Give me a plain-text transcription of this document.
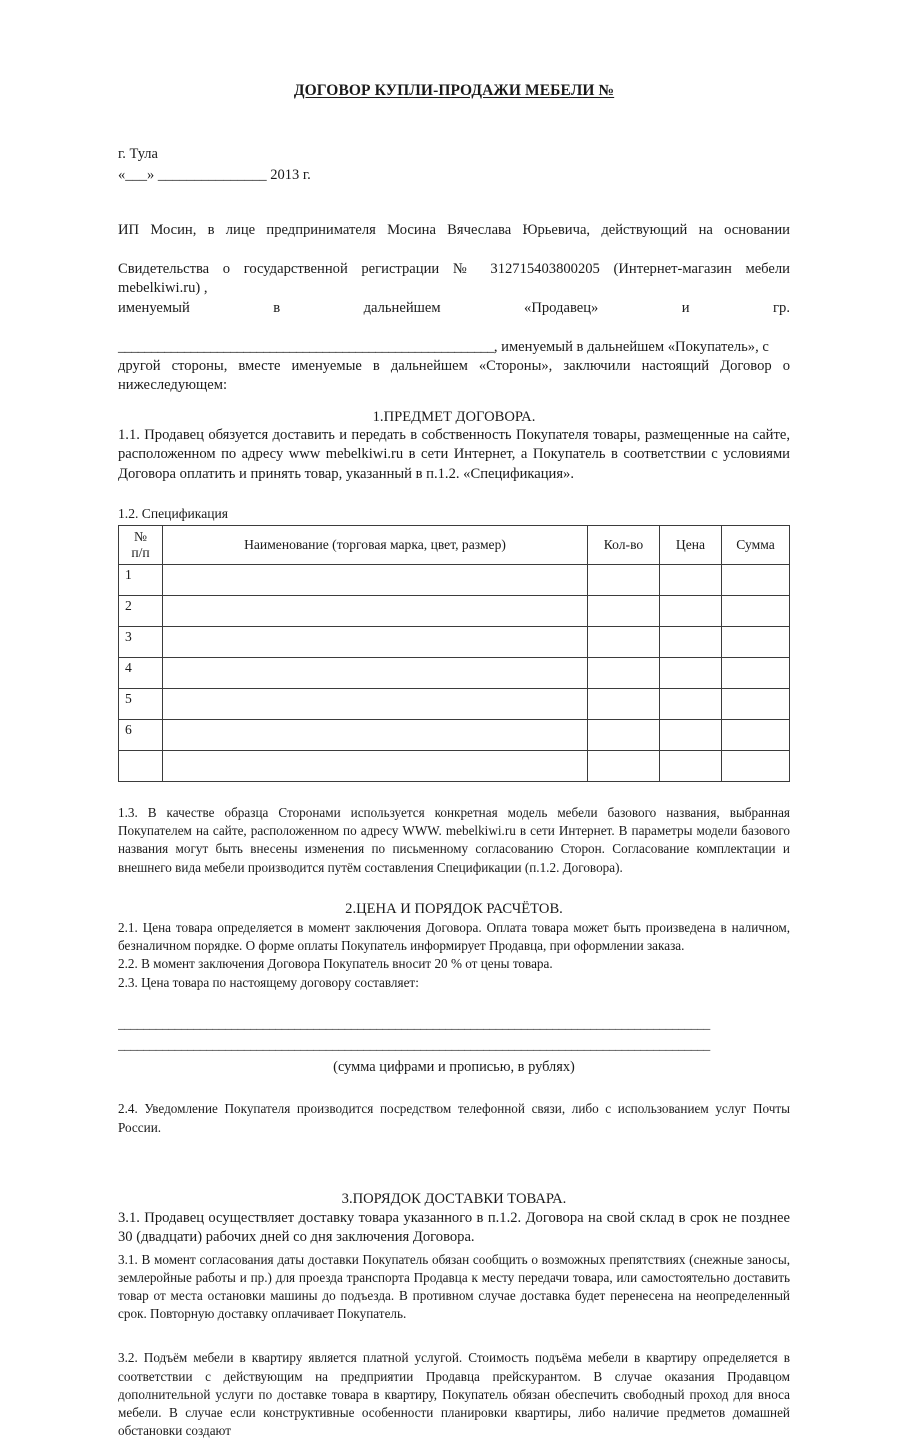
ДОГОВОР КУПЛИ-ПРОДАЖИ МЕБЕЛИ №
г. Тула
«___» _______________ 2013 г.

ИП Мосин, в лице предпринимателя Мосина Вячеслава Юрьевича, действующий на основании

Свидетельства о государственной регистрации № 312715403800205 (Интернет-магазин мебели mebelkiwi.ru) ,

именуемый в дальнейшем «Продавец» и гр.

_________________________________________________________, именуемый в дальнейшем «Покупатель», с

другой стороны, вместе именуемые в дальнейшем «Стороны», заключили настоящий Договор о нижеследующем:

1.ПРЕДМЕТ ДОГОВОРА.

1.1. Продавец обязуется доставить и передать в собственность Покупателя товары, размещенные на сайте, расположенном по адресу www mebelkiwi.ru в сети Интернет, а Покупатель в соответствии с условиями Договора оплатить и принять товар, указанный в п.1.2. «Спецификация».

1.2. Спецификация
№
п/п	Наименование (торговая марка, цвет, размер)	Кол-во	Цена	Сумма
1				
2				
3				
4				
5				
6				

1.3. В качестве образца Сторонами используется конкретная модель мебели базового названия, выбранная Покупателем на сайте, расположенном по адресу WWW. mebelkiwi.ru в сети Интернет. В параметры модели базового названия могут быть внесены изменения по письменному согласованию Сторон. Согласование комплектации и внешнего вида мебели производится путём составления Спецификации (п.1.2. Договора).

2.ЦЕНА И ПОРЯДОК РАСЧЁТОВ.

2.1. Цена товара определяется в момент заключения Договора. Оплата товара может быть произведена в наличном, безналичном порядке. О форме оплаты Покупатель информирует Продавца, при оформлении заказа.

2.2. В момент заключения Договора Покупатель вносит 20 % от цены товара.

2.3. Цена товара по настоящему договору составляет:

______________________________________________________________________________________________
______________________________________________________________________________________________
(сумма цифрами и прописью, в рублях)

2.4. Уведомление Покупателя производится посредством телефонной связи, либо с использованием услуг Почты России.

3.ПОРЯДОК ДОСТАВКИ ТОВАРА.

3.1. Продавец осуществляет доставку товара указанного в п.1.2. Договора на свой склад в срок не позднее 30 (двадцати) рабочих дней со дня заключения Договора.

3.1. В момент согласования даты доставки Покупатель обязан сообщить о возможных препятствиях (снежные заносы, землеройные работы и пр.) для проезда транспорта Продавца к месту передачи товара, или самостоятельно доставить товар от места остановки машины до подъезда. В противном случае доставка будет перенесена на неопределенный срок. Повторную доставку оплачивает Покупатель.

3.2. Подъём мебели в квартиру является платной услугой. Стоимость подъёма мебели в квартиру определяется в соответствии с действующим на предприятии Продавца прейскурантом. В случае оказания Продавцом дополнительной услуги по доставке товара в квартиру, Покупатель обязан обеспечить свободный проход для вноса мебели. В случае если конструктивные особенности планировки квартиры, либо наличие предметов домашней обстановки создают
